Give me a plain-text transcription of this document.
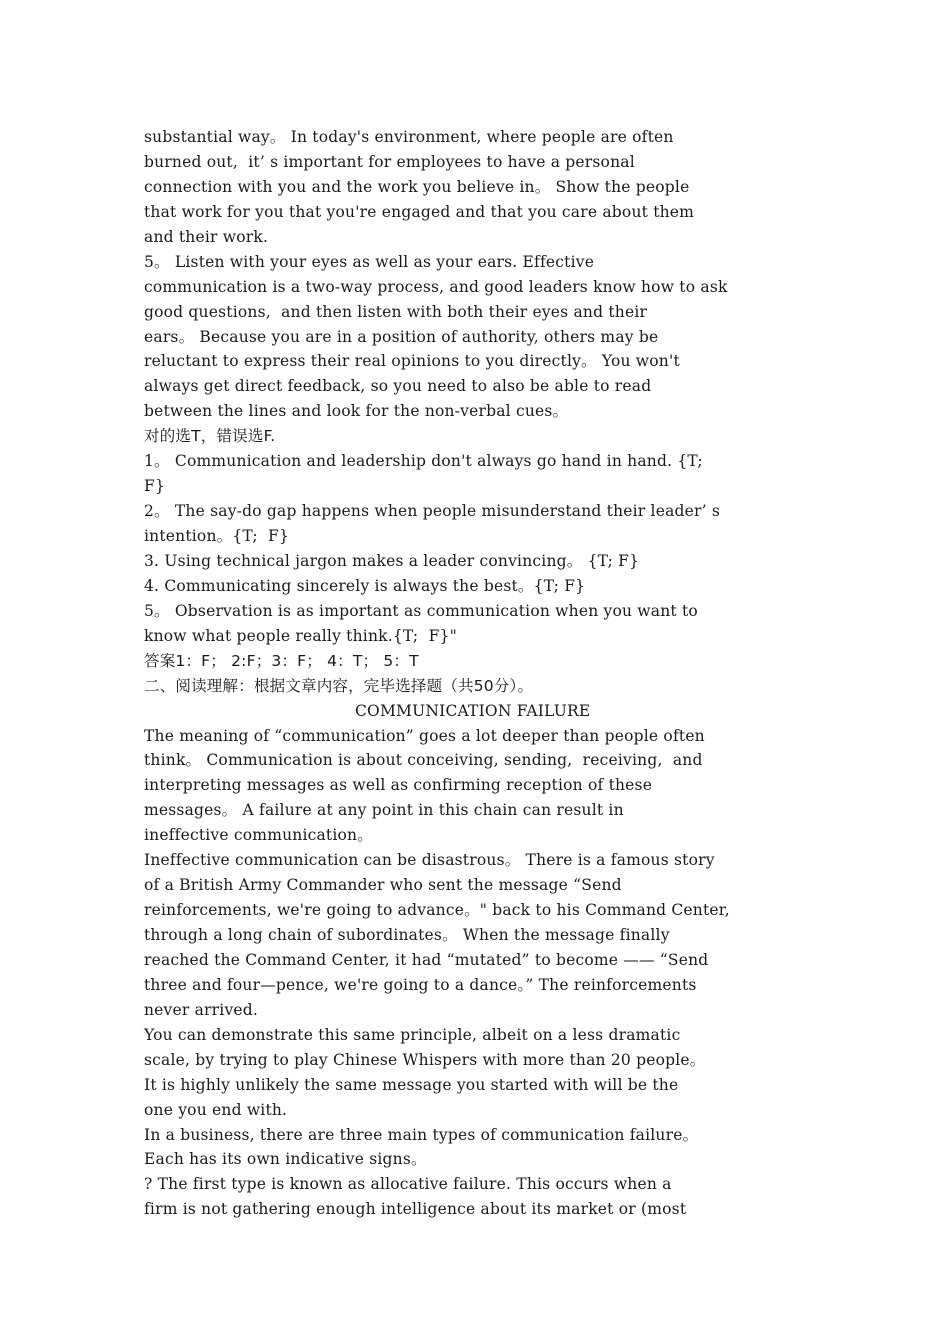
substantial way。 In today's environment, where people are often
burned out,  it’ s important for employees to have a personal
connection with you and the work you believe in。 Show the people
that work for you that you're engaged and that you care about them
and their work.
5。 Listen with your eyes as well as your ears. Effective
communication is a two-way process, and good leaders know how to ask
good questions,  and then listen with both their eyes and their
ears。 Because you are in a position of authority, others may be
reluctant to express their real opinions to you directly。 You won't
always get direct feedback, so you need to also be able to read
between the lines and look for the non-verbal cues。
对的选T，错误选F.
1。 Communication and leadership don't always go hand in hand. {T;
F}
2。 The say-do gap happens when people misunderstand their leader’ s
intention。{T;  F}
3. Using technical jargon makes a leader convincing。 {T; F}
4. Communicating sincerely is always the best。{T; F}
5。 Observation is as important as communication when you want to
know what people really think.{T;  F}"
答案1：F； 2:F；3：F； 4：T； 5：T
二、阅读理解：根据文章内容，完毕选择题（共50分）。
COMMUNICATION FAILURE
The meaning of “communication” goes a lot deeper than people often
think。 Communication is about conceiving, sending,  receiving,  and
interpreting messages as well as confirming reception of these
messages。 A failure at any point in this chain can result in
ineffective communication。
Ineffective communication can be disastrous。 There is a famous story
of a British Army Commander who sent the message “Send
reinforcements, we're going to advance。" back to his Command Center,
through a long chain of subordinates。 When the message finally
reached the Command Center, it had “mutated” to become —— “Send
three and four—pence, we're going to a dance。” The reinforcements
never arrived.
You can demonstrate this same principle, albeit on a less dramatic
scale, by trying to play Chinese Whispers with more than 20 people。
It is highly unlikely the same message you started with will be the
one you end with.
In a business, there are three main types of communication failure。
Each has its own indicative signs。
? The first type is known as allocative failure. This occurs when a
firm is not gathering enough intelligence about its market or (most
